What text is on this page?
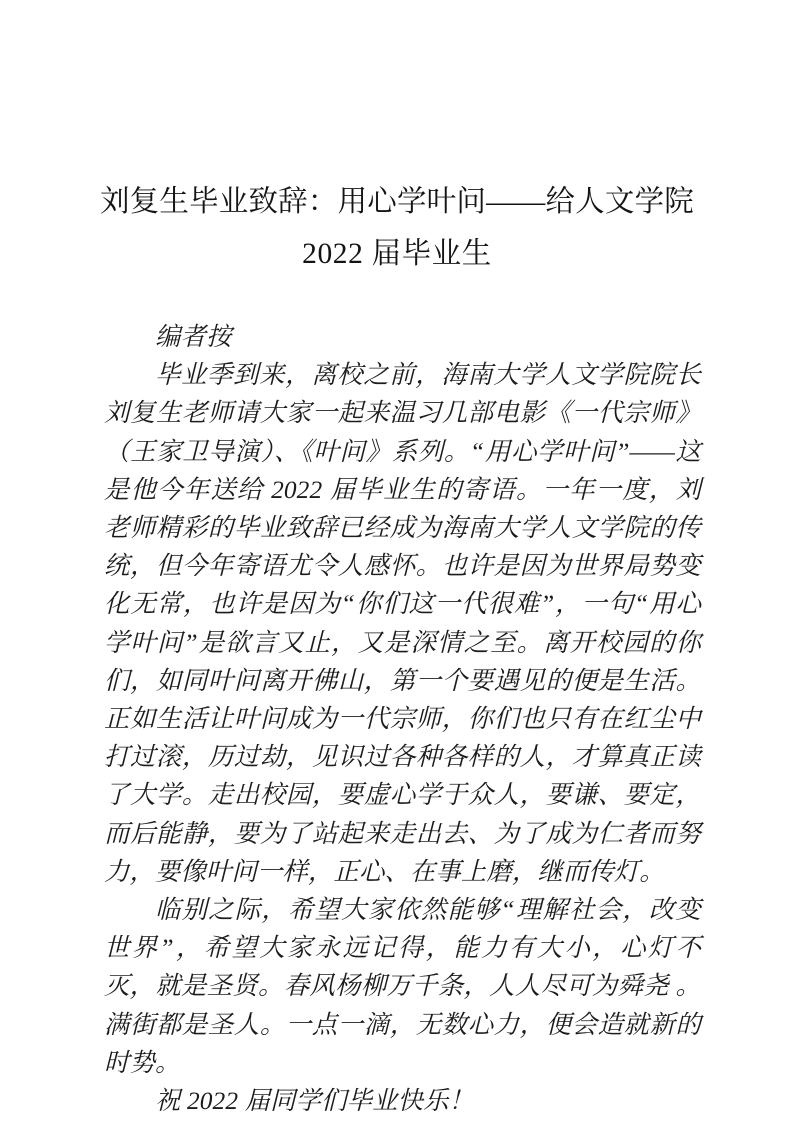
刘复生毕业致辞：用心学叶问——给人文学院
2022 届毕业生

编者按

毕业季到来，离校之前，海南大学人文学院院长刘复生老师请大家一起来温习几部电影《一代宗师》（王家卫导演）、《叶问》系列。“用心学叶问”——这是他今年送给 2022 届毕业生的寄语。一年一度，刘老师精彩的毕业致辞已经成为海南大学人文学院的传统，但今年寄语尤令人感怀。也许是因为世界局势变化无常，也许是因为“你们这一代很难”，一句“用心学叶问”是欲言又止，又是深情之至。离开校园的你们，如同叶问离开佛山，第一个要遇见的便是生活。正如生活让叶问成为一代宗师，你们也只有在红尘中打过滚，历过劫，见识过各种各样的人，才算真正读了大学。走出校园，要虚心学于众人，要谦、要定，而后能静，要为了站起来走出去、为了成为仁者而努力，要像叶问一样，正心、在事上磨，继而传灯。

临别之际，希望大家依然能够“理解社会，改变世界”，希望大家永远记得，能力有大小，心灯不灭，就是圣贤。春风杨柳万千条，人人尽可为舜尧 。满街都是圣人。一点一滴，无数心力，便会造就新的时势。

祝 2022 届同学们毕业快乐！
